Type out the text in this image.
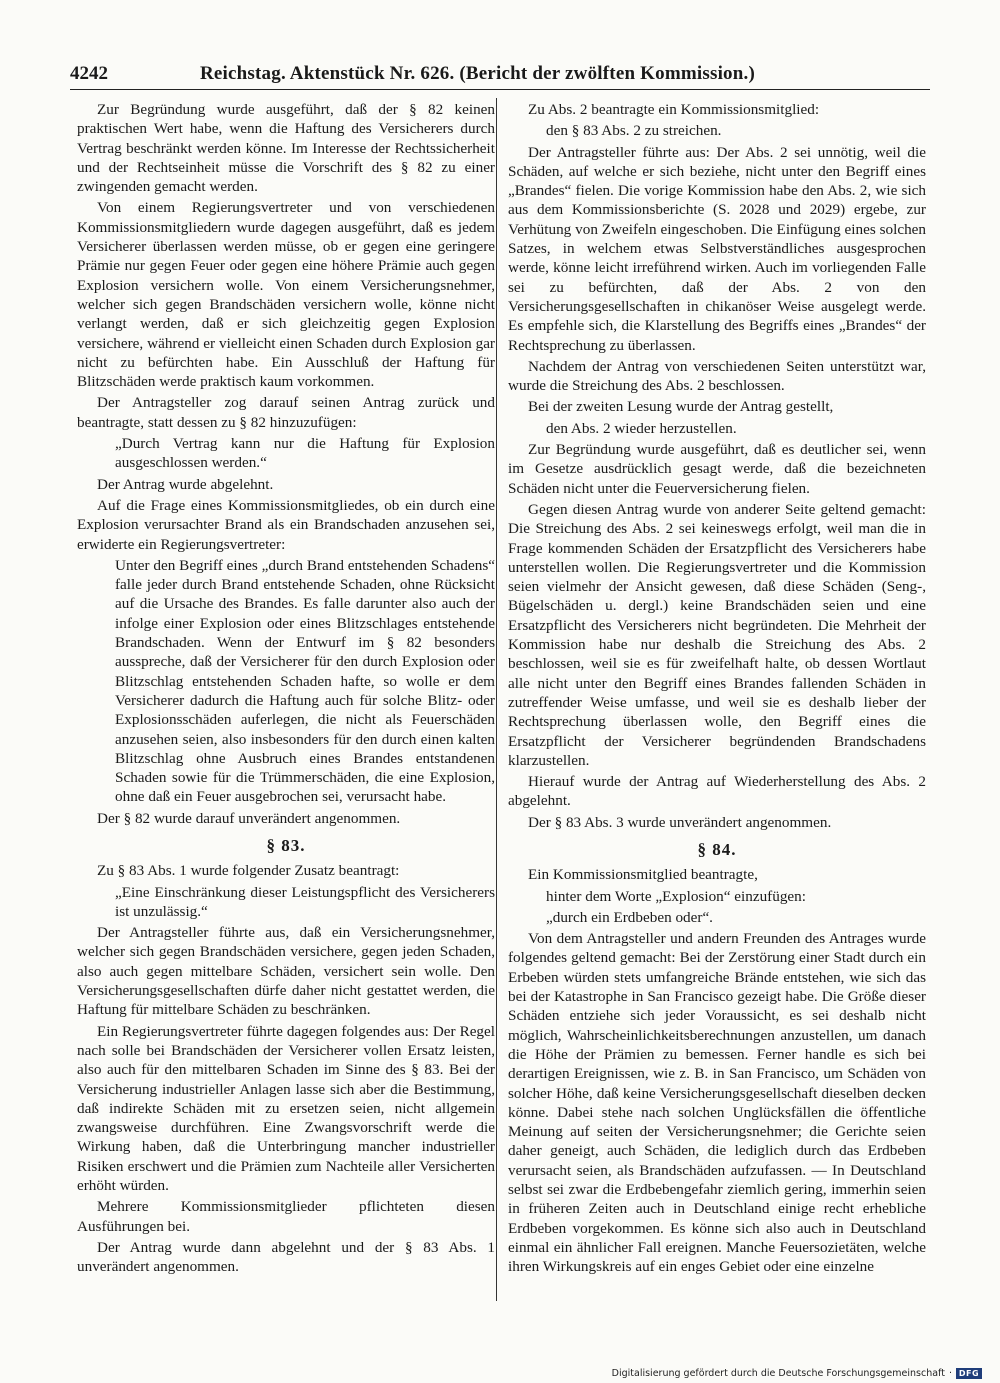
4242	Reichstag. Aktenstück Nr. 626. (Bericht der zwölften Kommission.)

Zur Begründung wurde ausgeführt, daß der § 82 keinen praktischen Wert habe, wenn die Haftung des Versicherers durch Vertrag beschränkt werden könne. Im Interesse der Rechtssicherheit und der Rechtseinheit müsse die Vorschrift des § 82 zu einer zwingenden gemacht werden.

Von einem Regierungsvertreter und von verschiedenen Kommissionsmitgliedern wurde dagegen ausgeführt, daß es jedem Versicherer überlassen werden müsse, ob er gegen eine geringere Prämie nur gegen Feuer oder gegen eine höhere Prämie auch gegen Explosion versichern wolle. Von einem Versicherungsnehmer, welcher sich gegen Brandschäden versichern wolle, könne nicht verlangt werden, daß er sich gleichzeitig gegen Explosion versichere, während er vielleicht einen Schaden durch Explosion gar nicht zu befürchten habe. Ein Ausschluß der Haftung für Blitzschäden werde praktisch kaum vorkommen.

Der Antragsteller zog darauf seinen Antrag zurück und beantragte, statt dessen zu § 82 hinzuzufügen:

„Durch Vertrag kann nur die Haftung für Explosion ausgeschlossen werden.“

Der Antrag wurde abgelehnt.

Auf die Frage eines Kommissionsmitgliedes, ob ein durch eine Explosion verursachter Brand als ein Brandschaden anzusehen sei, erwiderte ein Regierungsvertreter:

Unter den Begriff eines „durch Brand entstehenden Schadens“ falle jeder durch Brand entstehende Schaden, ohne Rücksicht auf die Ursache des Brandes. Es falle darunter also auch der infolge einer Explosion oder eines Blitzschlages entstehende Brandschaden. Wenn der Entwurf im § 82 besonders ausspreche, daß der Versicherer für den durch Explosion oder Blitzschlag entstehenden Schaden hafte, so wolle er dem Versicherer dadurch die Haftung auch für solche Blitz- oder Explosionsschäden auferlegen, die nicht als Feuerschäden anzusehen seien, also insbesonders für den durch einen kalten Blitzschlag ohne Ausbruch eines Brandes entstandenen Schaden sowie für die Trümmerschäden, die eine Explosion, ohne daß ein Feuer ausgebrochen sei, verursacht habe.

Der § 82 wurde darauf unverändert angenommen.

§ 83.

Zu § 83 Abs. 1 wurde folgender Zusatz beantragt:

„Eine Einschränkung dieser Leistungspflicht des Versicherers ist unzulässig.“

Der Antragsteller führte aus, daß ein Versicherungsnehmer, welcher sich gegen Brandschäden versichere, gegen jeden Schaden, also auch gegen mittelbare Schäden, versichert sein wolle. Den Versicherungsgesellschaften dürfe daher nicht gestattet werden, die Haftung für mittelbare Schäden zu beschränken.

Ein Regierungsvertreter führte dagegen folgendes aus: Der Regel nach solle bei Brandschäden der Versicherer vollen Ersatz leisten, also auch für den mittelbaren Schaden im Sinne des § 83. Bei der Versicherung industrieller Anlagen lasse sich aber die Bestimmung, daß indirekte Schäden mit zu ersetzen seien, nicht allgemein zwangsweise durchführen. Eine Zwangsvorschrift werde die Wirkung haben, daß die Unterbringung mancher industrieller Risiken erschwert und die Prämien zum Nachteile aller Versicherten erhöht würden.

Mehrere Kommissionsmitglieder pflichteten diesen Ausführungen bei.

Der Antrag wurde dann abgelehnt und der § 83 Abs. 1 unverändert angenommen.

Zu Abs. 2 beantragte ein Kommissionsmitglied:

den § 83 Abs. 2 zu streichen.

Der Antragsteller führte aus: Der Abs. 2 sei unnötig, weil die Schäden, auf welche er sich beziehe, nicht unter den Begriff eines „Brandes“ fielen. Die vorige Kommission habe den Abs. 2, wie sich aus dem Kommissionsberichte (S. 2028 und 2029) ergebe, zur Verhütung von Zweifeln eingeschoben. Die Einfügung eines solchen Satzes, in welchem etwas Selbstverständliches ausgesprochen werde, könne leicht irreführend wirken. Auch im vorliegenden Falle sei zu befürchten, daß der Abs. 2 von den Versicherungsgesellschaften in chikanöser Weise ausgelegt werde. Es empfehle sich, die Klarstellung des Begriffs eines „Brandes“ der Rechtsprechung zu überlassen.

Nachdem der Antrag von verschiedenen Seiten unterstützt war, wurde die Streichung des Abs. 2 beschlossen.

Bei der zweiten Lesung wurde der Antrag gestellt,

den Abs. 2 wieder herzustellen.

Zur Begründung wurde ausgeführt, daß es deutlicher sei, wenn im Gesetze ausdrücklich gesagt werde, daß die bezeichneten Schäden nicht unter die Feuerversicherung fielen.

Gegen diesen Antrag wurde von anderer Seite geltend gemacht: Die Streichung des Abs. 2 sei keineswegs erfolgt, weil man die in Frage kommenden Schäden der Ersatzpflicht des Versicherers habe unterstellen wollen. Die Regierungsvertreter und die Kommission seien vielmehr der Ansicht gewesen, daß diese Schäden (Seng-, Bügelschäden u. dergl.) keine Brandschäden seien und eine Ersatzpflicht des Versicherers nicht begründeten. Die Mehrheit der Kommission habe nur deshalb die Streichung des Abs. 2 beschlossen, weil sie es für zweifelhaft halte, ob dessen Wortlaut alle nicht unter den Begriff eines Brandes fallenden Schäden in zutreffender Weise umfasse, und weil sie es deshalb lieber der Rechtsprechung überlassen wolle, den Begriff eines die Ersatzpflicht der Versicherer begründenden Brandschadens klarzustellen.

Hierauf wurde der Antrag auf Wiederherstellung des Abs. 2 abgelehnt.

Der § 83 Abs. 3 wurde unverändert angenommen.

§ 84.

Ein Kommissionsmitglied beantragte,

hinter dem Worte „Explosion“ einzufügen:

„durch ein Erdbeben oder“.

Von dem Antragsteller und andern Freunden des Antrages wurde folgendes geltend gemacht: Bei der Zerstörung einer Stadt durch ein Erbeben würden stets umfangreiche Brände entstehen, wie sich das bei der Katastrophe in San Francisco gezeigt habe. Die Größe dieser Schäden entziehe sich jeder Voraussicht, es sei deshalb nicht möglich, Wahrscheinlichkeitsberechnungen anzustellen, um danach die Höhe der Prämien zu bemessen. Ferner handle es sich bei derartigen Ereignissen, wie z. B. in San Francisco, um Schäden von solcher Höhe, daß keine Versicherungsgesellschaft dieselben decken könne. Dabei stehe nach solchen Unglücksfällen die öffentliche Meinung auf seiten der Versicherungsnehmer; die Gerichte seien daher geneigt, auch Schäden, die lediglich durch das Erdbeben verursacht seien, als Brandschäden aufzufassen. — In Deutschland selbst sei zwar die Erdbebengefahr ziemlich gering, immerhin seien in früheren Zeiten auch in Deutschland einige recht erhebliche Erdbeben vorgekommen. Es könne sich also auch in Deutschland einmal ein ähnlicher Fall ereignen. Manche Feuersozietäten, welche ihren Wirkungskreis auf ein enges Gebiet oder eine einzelne

Digitalisierung gefördert durch die Deutsche Forschungsgemeinschaft · DFG
